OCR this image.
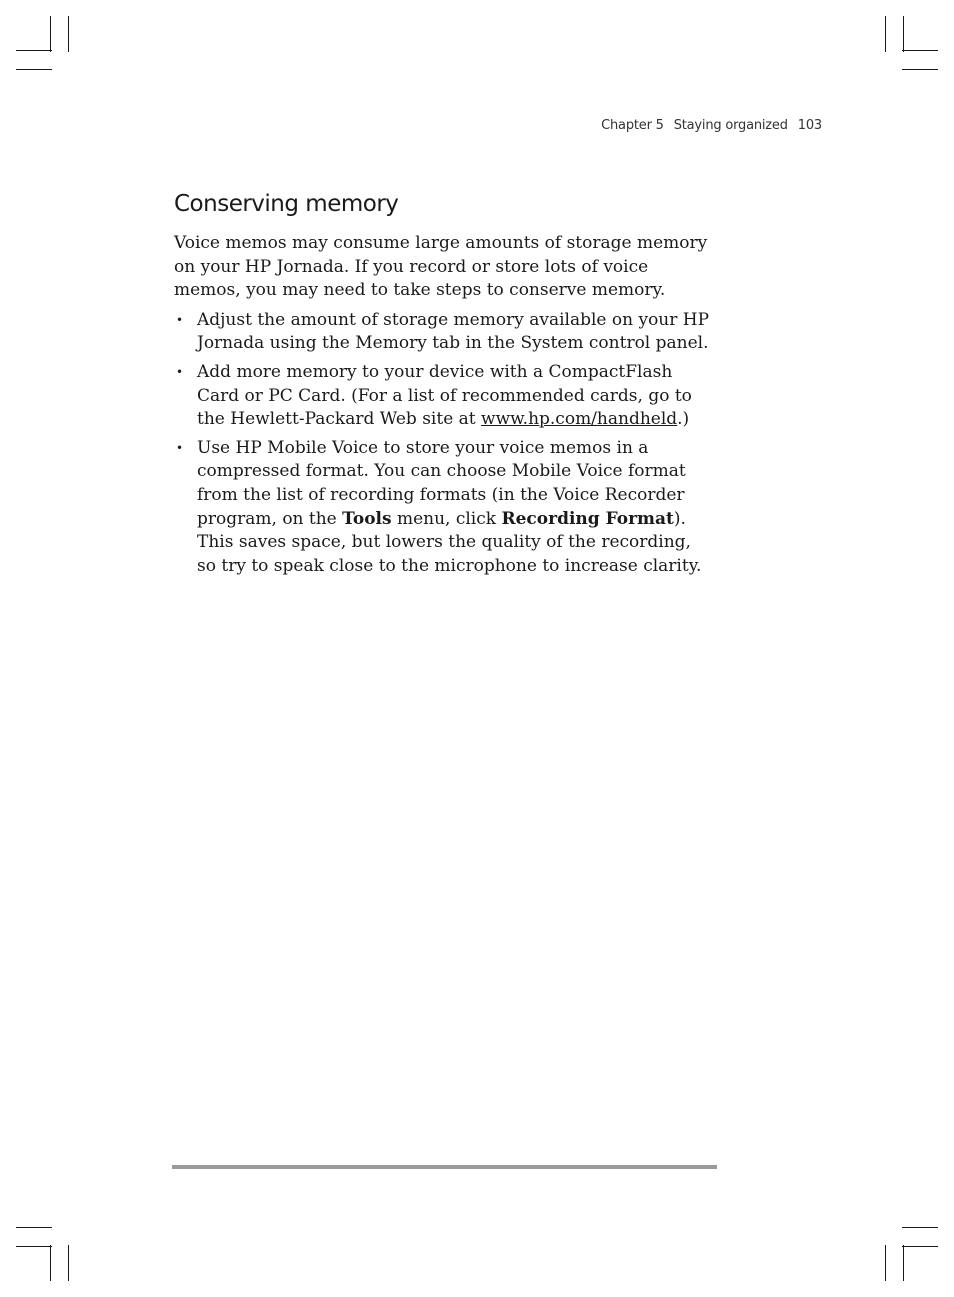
Chapter 5 Staying organized 103
Conserving memory

Voice memos may consume large amounts of storage memory on your HP Jornada. If you record or store lots of voice memos, you may need to take steps to conserve memory.

• Adjust the amount of storage memory available on your HP Jornada using the Memory tab in the System control panel.
• Add more memory to your device with a CompactFlash Card or PC Card. (For a list of recommended cards, go to the Hewlett-Packard Web site at www.hp.com/handheld.)
• Use HP Mobile Voice to store your voice memos in a compressed format. You can choose Mobile Voice format from the list of recording formats (in the Voice Recorder program, on the Tools menu, click Recording Format). This saves space, but lowers the quality of the recording, so try to speak close to the microphone to increase clarity.
